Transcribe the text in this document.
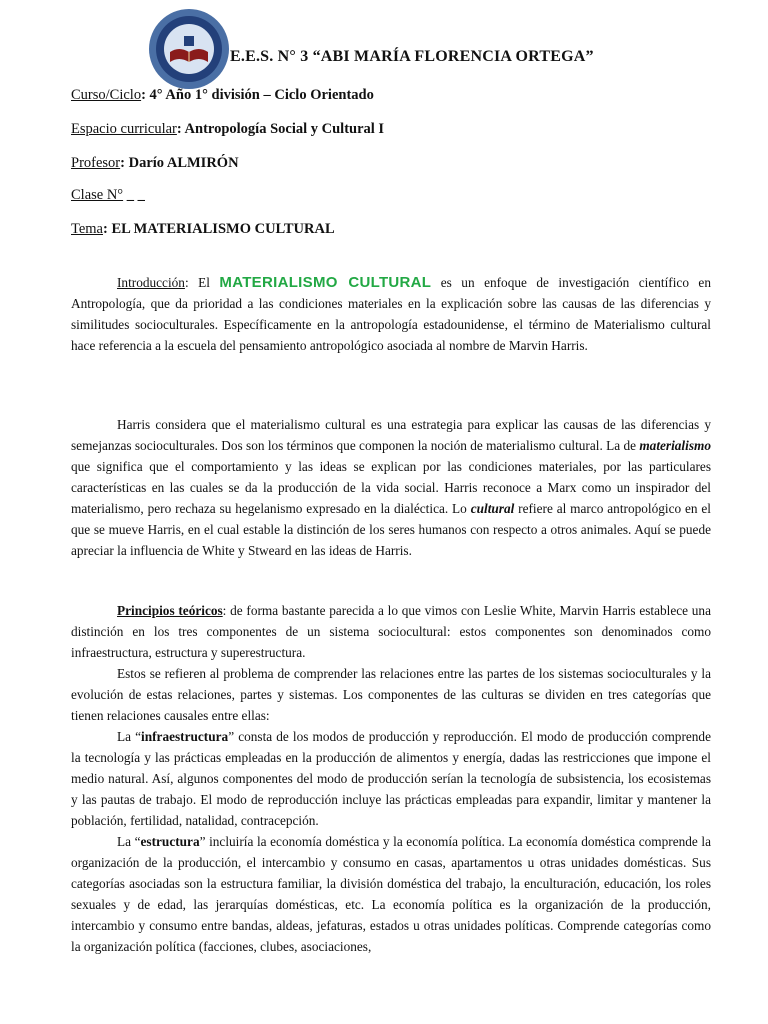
E.E.S. N° 3 “ABI MARÍA FLORENCIA ORTEGA”
Curso/Ciclo: 4° Año 1° división – Ciclo Orientado
Espacio curricular: Antropología Social y Cultural I
Profesor: Darío ALMIRÓN
Clase N° _ _
Tema: EL MATERIALISMO CULTURAL

Introducción: El MATERIALISMO CULTURAL es un enfoque de investigación científico en Antropología, que da prioridad a las condiciones materiales en la explicación sobre las causas de las diferencias y similitudes socioculturales. Específicamente en la antropología estadounidense, el término de Materialismo cultural hace referencia a la escuela del pensamiento antropológico asociada al nombre de Marvin Harris.

Harris considera que el materialismo cultural es una estrategia para explicar las causas de las diferencias y semejanzas socioculturales. Dos son los términos que componen la noción de materialismo cultural. La de materialismo que significa que el comportamiento y las ideas se explican por las condiciones materiales, por las particulares características en las cuales se da la producción de la vida social. Harris reconoce a Marx como un inspirador del materialismo, pero rechaza su hegelanismo expresado en la dialéctica. Lo cultural refiere al marco antropológico en el que se mueve Harris, en el cual estable la distinción de los seres humanos con respecto a otros animales. Aquí se puede apreciar la influencia de White y Stweard en las ideas de Harris.

Principios teóricos: de forma bastante parecida a lo que vimos con Leslie White, Marvin Harris establece una distinción en los tres componentes de un sistema sociocultural: estos componentes son denominados como infraestructura, estructura y superestructura.

Estos se refieren al problema de comprender las relaciones entre las partes de los sistemas socioculturales y la evolución de estas relaciones, partes y sistemas. Los componentes de las culturas se dividen en tres categorías que tienen relaciones causales entre ellas:

La “infraestructura” consta de los modos de producción y reproducción. El modo de producción comprende la tecnología y las prácticas empleadas en la producción de alimentos y energía, dadas las restricciones que impone el medio natural. Así, algunos componentes del modo de producción serían la tecnología de subsistencia, los ecosistemas y las pautas de trabajo. El modo de reproducción incluye las prácticas empleadas para expandir, limitar y mantener la población, fertilidad, natalidad, contracepción.

La “estructura” incluiría la economía doméstica y la economía política. La economía doméstica comprende la organización de la producción, el intercambio y consumo en casas, apartamentos u otras unidades domésticas. Sus categorías asociadas son la estructura familiar, la división doméstica del trabajo, la enculturación, educación, los roles sexuales y de edad, las jerarquías domésticas, etc. La economía política es la organización de la producción, intercambio y consumo entre bandas, aldeas, jefaturas, estados u otras unidades políticas. Comprende categorías como la organización política (facciones, clubes, asociaciones,
